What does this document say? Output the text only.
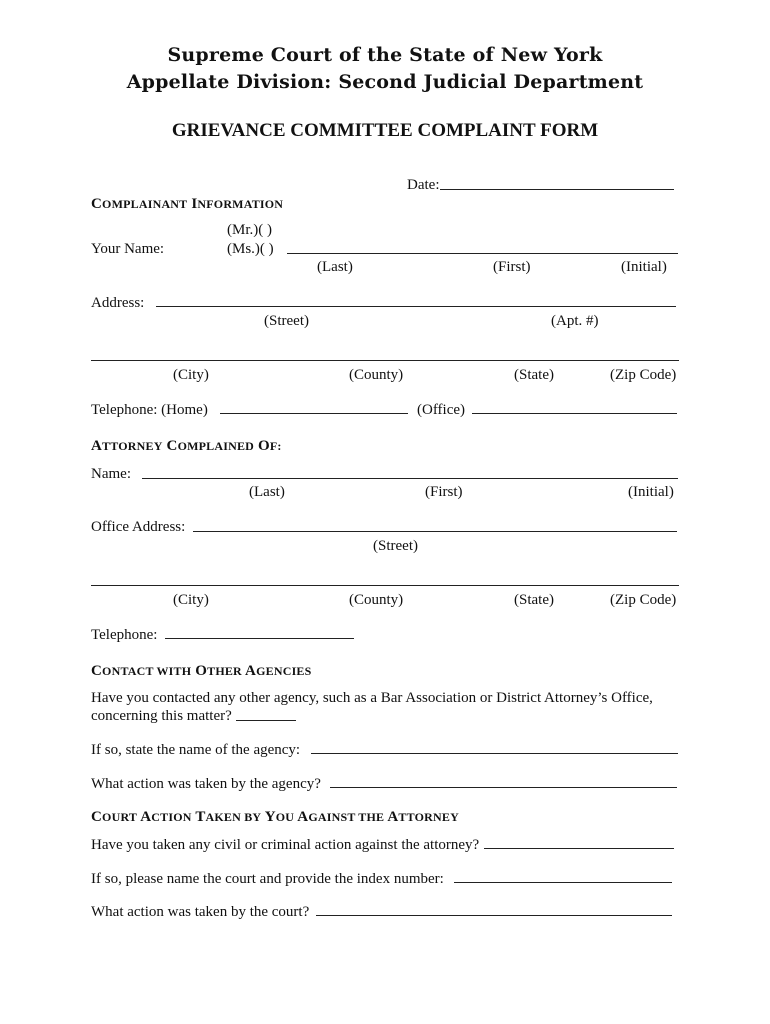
Supreme Court of the State of New York
Appellate Division: Second Judicial Department
GRIEVANCE COMMITTEE COMPLAINT FORM
Date:
COMPLAINANT INFORMATION
(Mr.)( )
Your Name:	(Ms.)( )
(Last)	(First)	(Initial)
Address:
(Street)	(Apt. #)
(City)	(County)	(State)	(Zip Code)
Telephone: (Home)	(Office)
ATTORNEY COMPLAINED OF:
Name:
(Last)	(First)	(Initial)
Office Address:
(Street)
(City)	(County)	(State)	(Zip Code)
Telephone:
CONTACT WITH OTHER AGENCIES
Have you contacted any other agency, such as a Bar Association or District Attorney’s Office,
concerning this matter?
If so, state the name of the agency:
What action was taken by the agency?
COURT ACTION TAKEN BY YOU AGAINST THE ATTORNEY
Have you taken any civil or criminal action against the attorney?
If so, please name the court and provide the index number:
What action was taken by the court?
